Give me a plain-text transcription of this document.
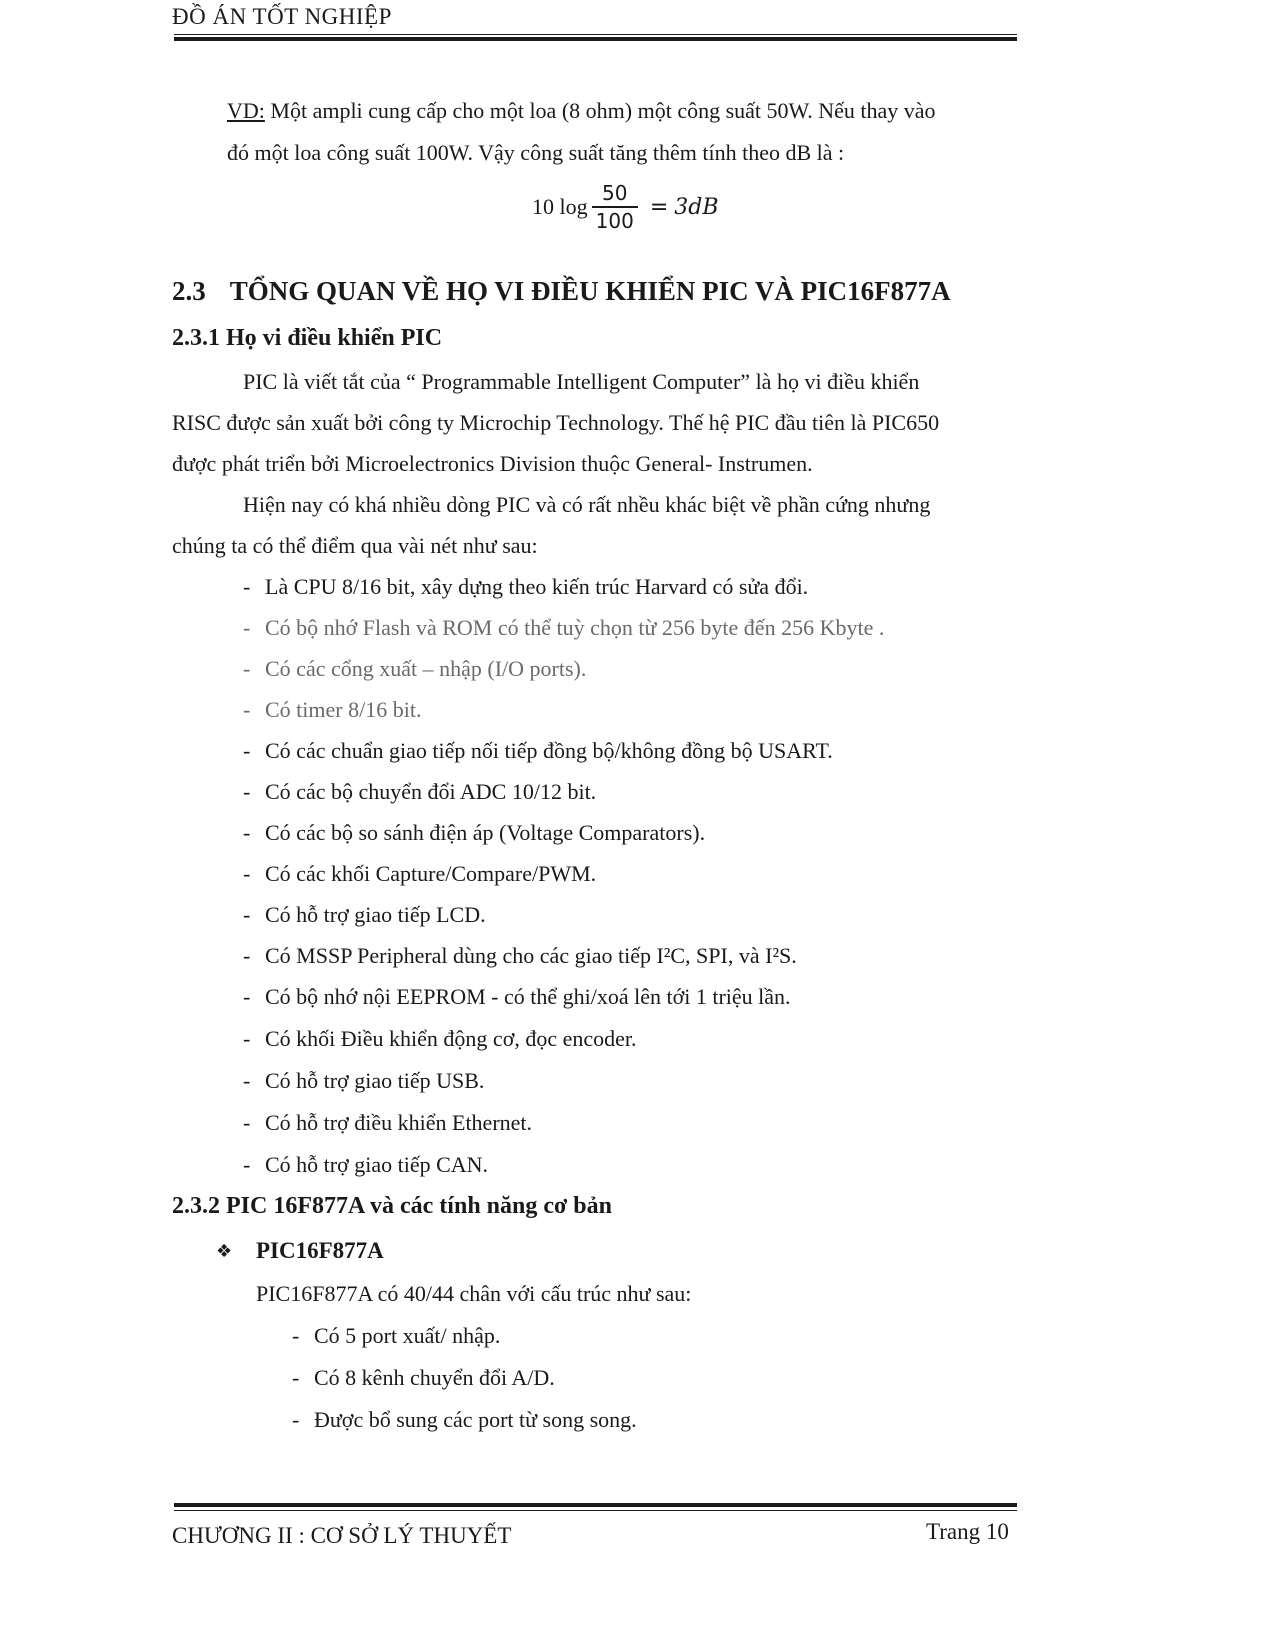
ĐỒ ÁN TỐT NGHIỆP
VD: Một ampli cung cấp cho một loa (8 ohm) một công suất 50W. Nếu thay vào
đó một loa công suất 100W. Vậy công suất tăng thêm tính theo dB là :
10 $\log \frac{50}{100} = 3dB$
2.3 TỔNG QUAN VỀ HỌ VI ĐIỀU KHIỂN PIC VÀ PIC16F877A
2.3.1 Họ vi điều khiển PIC
PIC là viết tắt của “ Programmable Intelligent Computer” là họ vi điều khiển
RISC được sản xuất bởi công ty Microchip Technology. Thế hệ PIC đầu tiên là PIC650
được phát triển bởi Microelectronics Division thuộc General- Instrumen.
Hiện nay có khá nhiều dòng PIC và có rất nhều khác biệt về phần cứng nhưng
chúng ta có thể điểm qua vài nét như sau:
- Là CPU 8/16 bit, xây dựng theo kiến trúc Harvard có sửa đổi.
- Có bộ nhớ Flash và ROM có thể tuỳ chọn từ 256 byte đến 256 Kbyte .
- Có các cổng xuất – nhập (I/O ports).
- Có timer 8/16 bit.
- Có các chuẩn giao tiếp nối tiếp đồng bộ/không đồng bộ USART.
- Có các bộ chuyển đổi ADC 10/12 bit.
- Có các bộ so sánh điện áp (Voltage Comparators).
- Có các khối Capture/Compare/PWM.
- Có hỗ trợ giao tiếp LCD.
- Có MSSP Peripheral dùng cho các giao tiếp I²C, SPI, và I²S.
- Có bộ nhớ nội EEPROM - có thể ghi/xoá lên tới 1 triệu lần.
- Có khối Điều khiển động cơ, đọc encoder.
- Có hỗ trợ giao tiếp USB.
- Có hỗ trợ điều khiển Ethernet.
- Có hỗ trợ giao tiếp CAN.
2.3.2 PIC 16F877A và các tính năng cơ bản
❖ PIC16F877A
PIC16F877A có 40/44 chân với cấu trúc như sau:
- Có 5 port xuất/ nhập.
- Có 8 kênh chuyển đổi A/D.
- Được bổ sung các port từ song song.
CHƯƠNG II : CƠ SỞ LÝ THUYẾT	Trang 10
